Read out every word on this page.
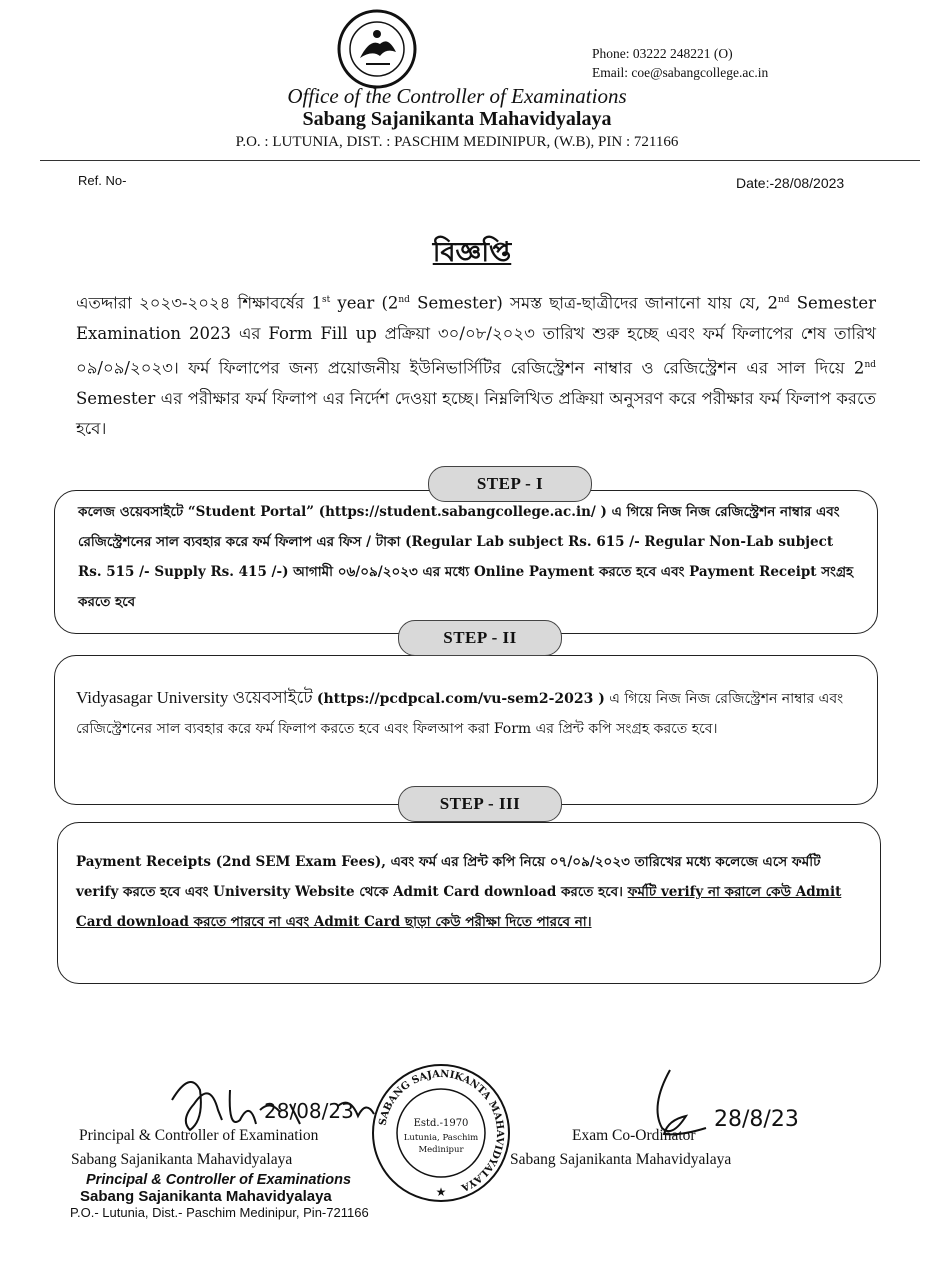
Phone: 03222 248221 (O)
Email: coe@sabangcollege.ac.in
Office of the Controller of Examinations
Sabang Sajanikanta Mahavidyalaya
P.O. : LUTUNIA, DIST. : PASCHIM MEDINIPUR, (W.B), PIN : 721166
Ref. No-	Date:-28/08/2023
বিজ্ঞপ্তি
এতদ্দারা ২০২৩-২০২৪ শিক্ষাবর্ষের 1st year (2nd Semester) সমস্ত ছাত্র-ছাত্রীদের জানানো যায় যে, 2nd Semester Examination 2023 এর Form Fill up প্রক্রিয়া ৩০/০৮/২০২৩ তারিখ শুরু হচ্ছে এবং ফর্ম ফিলাপের শেষ তারিখ ০৯/০৯/২০২৩। ফর্ম ফিলাপের জন্য প্রয়োজনীয় ইউনিভার্সিটির রেজিস্ট্রেশন নাম্বার ও রেজিস্ট্রেশন এর সাল দিয়ে 2nd Semester এর পরীক্ষার ফর্ম ফিলাপ এর নির্দেশ দেওয়া হচ্ছে। নিম্নলিখিত প্রক্রিয়া অনুসরণ করে পরীক্ষার ফর্ম ফিলাপ করতে হবে।
STEP - I
STEP - II
STEP - III
কলেজ ওয়েবসাইটে “Student Portal” (https://student.sabangcollege.ac.in/ ) এ গিয়ে নিজ নিজ রেজিস্ট্রেশন নাম্বার এবং রেজিস্ট্রেশনের সাল ব্যবহার করে ফর্ম ফিলাপ এর ফিস / টাকা (Regular Lab subject Rs. 615 /- Regular Non-Lab subject Rs. 515 /- Supply Rs. 415 /-) আগামী ০৬/০৯/২০২৩ এর মধ্যে Online Payment করতে হবে এবং Payment Receipt সংগ্রহ করতে হবে
Vidyasagar University ওয়েবসাইটে (https://pcdpcal.com/vu-sem2-2023 ) এ গিয়ে নিজ নিজ রেজিস্ট্রেশন নাম্বার এবং রেজিস্ট্রেশনের সাল ব্যবহার করে ফর্ম ফিলাপ করতে হবে এবং ফিলআপ করা Form এর প্রিন্ট কপি সংগ্রহ করতে হবে।
Payment Receipts (2nd SEM Exam Fees), এবং ফর্ম এর প্রিন্ট কপি নিয়ে ০৭/০৯/২০২৩ তারিখের মধ্যে কলেজে এসে ফর্মটি verify করতে হবে এবং University Website থেকে Admit Card download করতে হবে। ফর্মটি verify না করালে কেউ Admit Card download করতে পারবে না এবং Admit Card ছাড়া কেউ পরীক্ষা দিতে পারবে না।
28/08/23	28/8/23
SABANG SAJANIKANTA MAHAVIDYALAYA
Estd.-1970
Lutunia, Paschim
Medinipur
★
Principal & Controller of Examination
Sabang Sajanikanta Mahavidyalaya
Exam Co-Ordinator
Sabang Sajanikanta Mahavidyalaya
Principal & Controller of Examinations
Sabang Sajanikanta Mahavidyalaya
P.O.- Lutunia, Dist.- Paschim Medinipur, Pin-721166
